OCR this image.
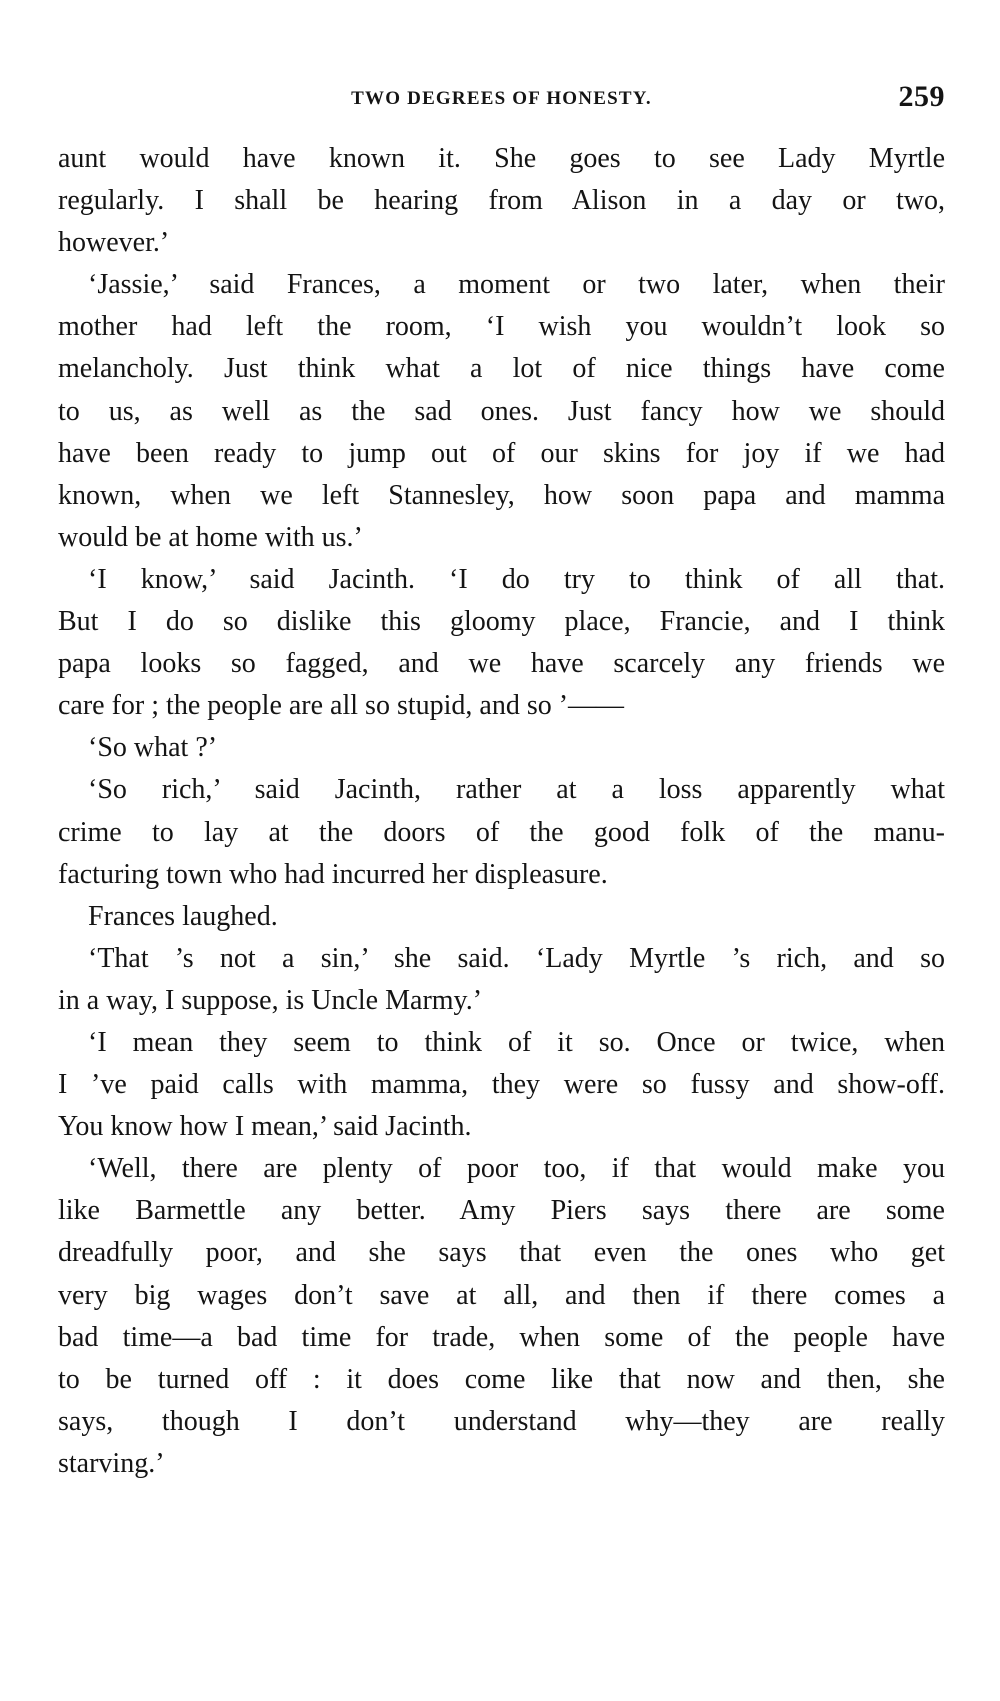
TWO DEGREES OF HONESTY.	259
aunt would have known it. She goes to see Lady Myrtle
regularly. I shall be hearing from Alison in a day or two,
however.’
‘Jassie,’ said Frances, a moment or two later, when their
mother had left the room, ‘I wish you wouldn’t look so
melancholy. Just think what a lot of nice things have come
to us, as well as the sad ones. Just fancy how we should
have been ready to jump out of our skins for joy if we had
known, when we left Stannesley, how soon papa and mamma
would be at home with us.’
‘I know,’ said Jacinth. ‘I do try to think of all that.
But I do so dislike this gloomy place, Francie, and I think
papa looks so fagged, and we have scarcely any friends we
care for ; the people are all so stupid, and so ’——
‘So what ?’
‘So rich,’ said Jacinth, rather at a loss apparently what
crime to lay at the doors of the good folk of the manu-
facturing town who had incurred her displeasure.
Frances laughed.
‘That ’s not a sin,’ she said. ‘Lady Myrtle ’s rich, and so
in a way, I suppose, is Uncle Marmy.’
‘I mean they seem to think of it so. Once or twice, when
I ’ve paid calls with mamma, they were so fussy and show-off.
You know how I mean,’ said Jacinth.
‘Well, there are plenty of poor too, if that would make you
like Barmettle any better. Amy Piers says there are some
dreadfully poor, and she says that even the ones who get
very big wages don’t save at all, and then if there comes a
bad time—a bad time for trade, when some of the people have
to be turned off : it does come like that now and then, she
says, though I don’t understand why—they are really
starving.’
